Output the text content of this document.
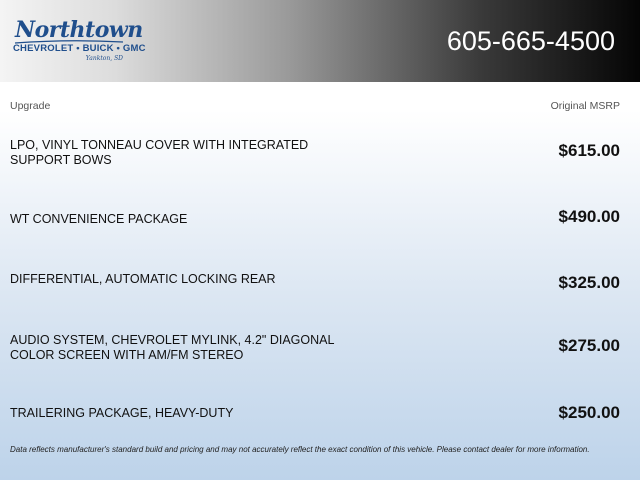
Northtown
CHEVROLET • BUICK • GMC
Yankton, SD
605-665-4500
Upgrade	Original MSRP
LPO, VINYL TONNEAU COVER WITH INTEGRATED SUPPORT BOWS	$615.00
WT CONVENIENCE PACKAGE	$490.00
DIFFERENTIAL, AUTOMATIC LOCKING REAR	$325.00
AUDIO SYSTEM, CHEVROLET MYLINK, 4.2" DIAGONAL COLOR SCREEN WITH AM/FM STEREO	$275.00
TRAILERING PACKAGE, HEAVY-DUTY	$250.00
Data reflects manufacturer's standard build and pricing and may not accurately reflect the exact condition of this vehicle. Please contact dealer for more information.
